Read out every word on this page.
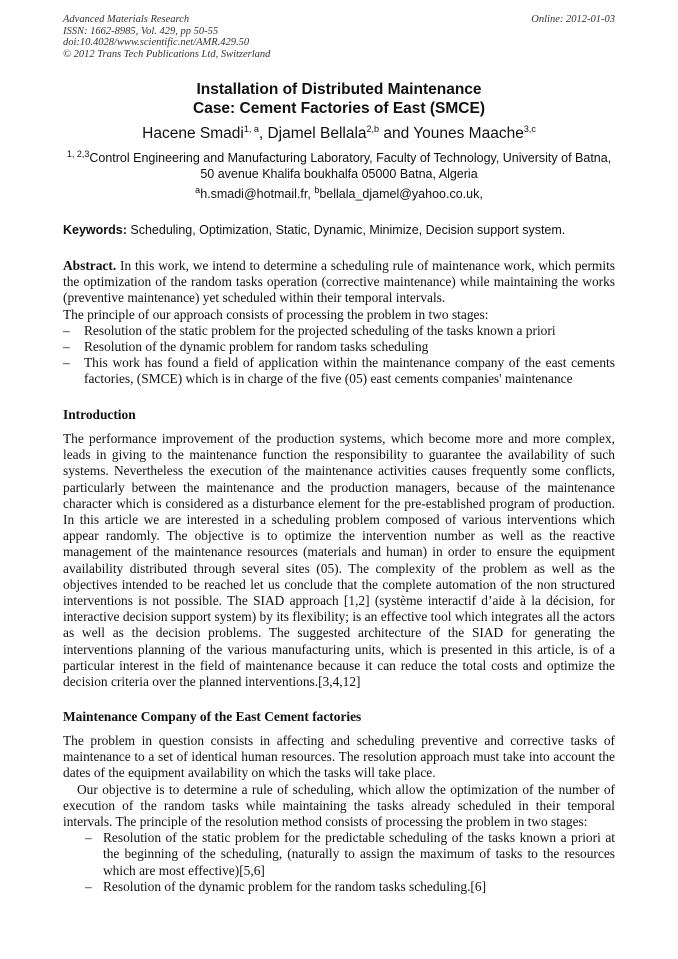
Advanced Materials Research
ISSN: 1662-8985, Vol. 429, pp 50-55
doi:10.4028/www.scientific.net/AMR.429.50
© 2012 Trans Tech Publications Ltd, Switzerland
Online: 2012-01-03
Installation of Distributed Maintenance
Case: Cement Factories of East (SMCE)
Hacene Smadi$^{1, a}$, Djamel Bellala$^{2,b}$ and Younes Maache$^{3,c}$
$^{1, 2,3}$Control Engineering and Manufacturing Laboratory, Faculty of Technology, University of Batna,
50 avenue Khalifa boukhalfa 05000 Batna, Algeria
$^a$h.smadi@hotmail.fr, $^b$bellala_djamel@yahoo.co.uk,
Keywords: Scheduling, Optimization, Static, Dynamic, Minimize, Decision support system.

Abstract. In this work, we intend to determine a scheduling rule of maintenance work, which permits the optimization of the random tasks operation (corrective maintenance) while maintaining the works (preventive maintenance) yet scheduled within their temporal intervals.

The principle of our approach consists of processing the problem in two stages:

– Resolution of the static problem for the projected scheduling of the tasks known a priori
– Resolution of the dynamic problem for random tasks scheduling
– This work has found a field of application within the maintenance company of the east cements factories, (SMCE) which is in charge of the five (05) east cements companies' maintenance
Introduction
The performance improvement of the production systems, which become more and more complex, leads in giving to the maintenance function the responsibility to guarantee the availability of such systems. Nevertheless the execution of the maintenance activities causes frequently some conflicts, particularly between the maintenance and the production managers, because of the maintenance character which is considered as a disturbance element for the pre-established program of production. In this article we are interested in a scheduling problem composed of various interventions which appear randomly. The objective is to optimize the intervention number as well as the reactive management of the maintenance resources (materials and human) in order to ensure the equipment availability distributed through several sites (05). The complexity of the problem as well as the objectives intended to be reached let us conclude that the complete automation of the non structured interventions is not possible. The SIAD approach [1,2] (système interactif d’aide à la décision, for interactive decision support system) by its flexibility; is an effective tool which integrates all the actors as well as the decision problems. The suggested architecture of the SIAD for generating the interventions planning of the various manufacturing units, which is presented in this article, is of a particular interest in the field of maintenance because it can reduce the total costs and optimize the decision criteria over the planned interventions.[3,4,12]
Maintenance Company of the East Cement factories

The problem in question consists in affecting and scheduling preventive and corrective tasks of maintenance to a set of identical human resources. The resolution approach must take into account the dates of the equipment availability on which the tasks will take place.

Our objective is to determine a rule of scheduling, which allow the optimization of the number of execution of the random tasks while maintaining the tasks already scheduled in their temporal intervals. The principle of the resolution method consists of processing the problem in two stages:

– Resolution of the static problem for the predictable scheduling of the tasks known a priori at the beginning of the scheduling, (naturally to assign the maximum of tasks to the resources which are most effective)[5,6]
– Resolution of the dynamic problem for the random tasks scheduling.[6]
